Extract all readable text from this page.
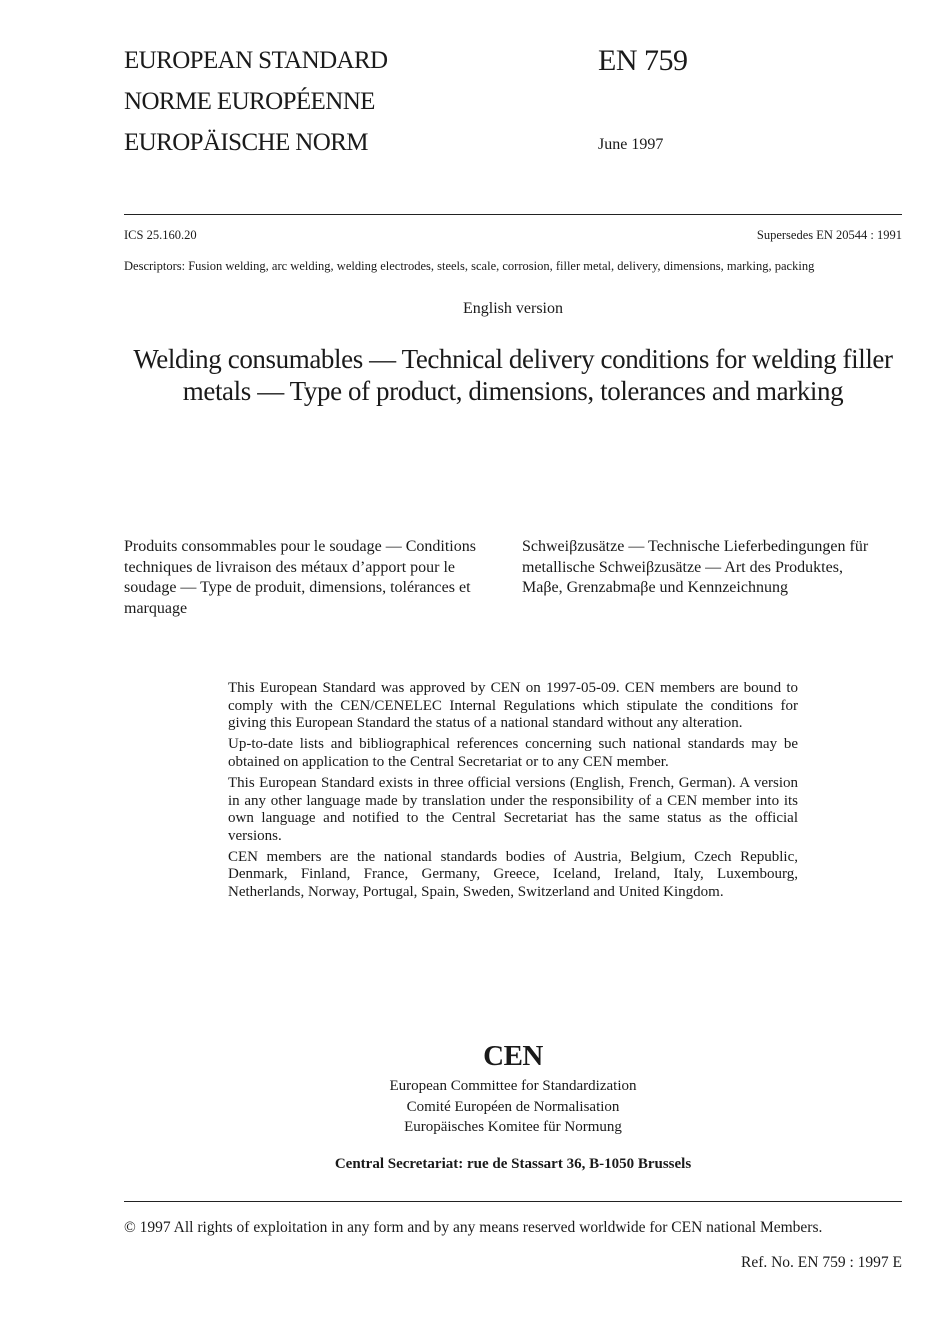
EUROPEAN STANDARD
NORME EUROPÉENNE
EUROPÄISCHE NORM
EN 759
June 1997
ICS 25.160.20	Supersedes EN 20544 : 1991
Descriptors: Fusion welding, arc welding, welding electrodes, steels, scale, corrosion, filler metal, delivery, dimensions, marking, packing
English version
Welding consumables — Technical delivery conditions for welding filler metals — Type of product, dimensions, tolerances and marking
Produits consommables pour le soudage — Conditions techniques de livraison des métaux d’apport pour le soudage — Type de produit, dimensions, tolérances et marquage
Schweiβzusätze — Technische Lieferbedingungen für metallische Schweiβzusätze — Art des Produktes, Maβe, Grenzabmaβe und Kennzeichnung

This European Standard was approved by CEN on 1997-05-09. CEN members are bound to comply with the CEN/CENELEC Internal Regulations which stipulate the conditions for giving this European Standard the status of a national standard without any alteration.

Up-to-date lists and bibliographical references concerning such national standards may be obtained on application to the Central Secretariat or to any CEN member.

This European Standard exists in three official versions (English, French, German). A version in any other language made by translation under the responsibility of a CEN member into its own language and notified to the Central Secretariat has the same status as the official versions.

CEN members are the national standards bodies of Austria, Belgium, Czech Republic, Denmark, Finland, France, Germany, Greece, Iceland, Ireland, Italy, Luxembourg, Netherlands, Norway, Portugal, Spain, Sweden, Switzerland and United Kingdom.

CEN
European Committee for Standardization
Comité Européen de Normalisation
Europäisches Komitee für Normung
Central Secretariat: rue de Stassart 36, B-1050 Brussels
© 1997 All rights of exploitation in any form and by any means reserved worldwide for CEN national Members.
Ref. No. EN 759 : 1997 E
